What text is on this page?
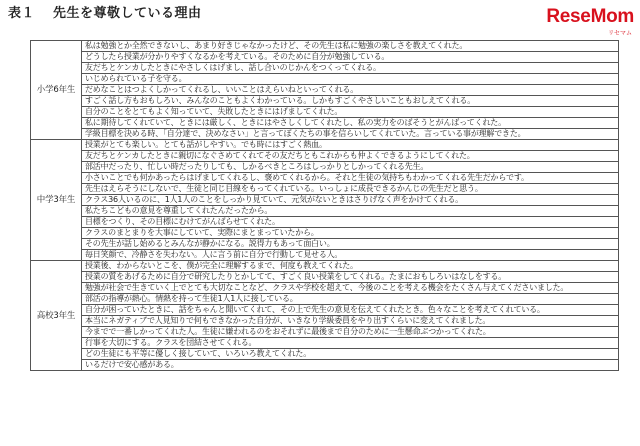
表１ 先生を尊敬している理由	ReseMom
リセマム
小学6年生	私は勉強とか全然できないし、あまり好きじゃなかったけど、その先生は私に勉強の楽しさを教えてくれた。
	どうしたら授業が分かりやすくなるかを考えている。そのために自分が勉強している。
	友だちとケンカしたときにやさしくはげまし、話し合いのじかんをつくってくれる。
	いじめられている子を守る。
	だめなことはつよくしかってくれるし、いいことはえらいねといってくれる。
	すごく話し方もおもしろい、みんなのこともよくわかっている。しかもすごくやさしいこともおしえてくれる。
	自分のことをとてもよく知っていて、失敗したときにはげましてくれた。
	私に期待してくれていて、ときには厳しく、ときにはやさしくしてくれたし、私の実力をのばそうとがんばってくれた。
	学級目標を決める時、「自分達で、決めなさい」と言ってぼくたちの事を信らいしてくれていた。言っている事が理解できた。
中学3年生	授業がとても楽しい。とても話がしやすい。でも時にはすごく熱血。
	友だちとケンカしたときに親切になぐさめてくれてその友だちともこれからも仲よくできるようにしてくれた。
	部活中だったり、忙しい時だったりしても、しかるべきところはしっかりとしかってくれる先生。
	小さいことでも何かあったらはげましてくれるし、褒めてくれるから。それと生徒の気持ちもわかってくれる先生だからです。
	先生はえらそうにしないで、生徒と同じ目線をもってくれている。いっしょに成長できるかんじの先生だと思う。
	クラス36人いるのに、1人1人のことをしっかり見ていて、元気がないときはさりげなく声をかけてくれる。
	私たちこどもの意見を尊重してくれたんだったから。
	目標をつくり、その目標にむけてがんばらせてくれた。
	クラスのまとまりを大事にしていて、実際にまとまっていたから。
	その先生が話し始めるとみんなが静かになる。説得力もあって面白い。
	毎日笑顔で、冷静さを失わない。人に言う前に自分で行動して見せる人。
高校3年生	授業後、わからないとこを、僕が完全に理解するまで、何度も教えてくれた。
	授業の質をあげるために自分で研究したりとかしてて、すごく良い授業をしてくれる。たまにおもしろいはなしをする。
	勉強が社会で生きていく上でとても大切なことなど、クラスや学校を超えて、今後のことを考える機会をたくさん与えてくださいました。
	部活の指導が熱心。情熱を持って生徒1人1人に接している。
	自分が困っていたときに、話をちゃんと聞いてくれて、その上で先生の意見を伝えてくれたとき。色々なことを考えてくれている。
	本当にネガティブで人見知りで何もできなかった自分が、いきなり学級委員をやり出すくらいに変えてくれました。
	今までで一番しかってくれた人。生徒に嫌われるのをおそれずに最後まで自分のために一生懸命ぶつかってくれた。
	行事を大切にする。クラスを団結させてくれる。
	どの生徒にも平等に優しく接していて、いろいろ教えてくれた。
	いるだけで安心感がある。
